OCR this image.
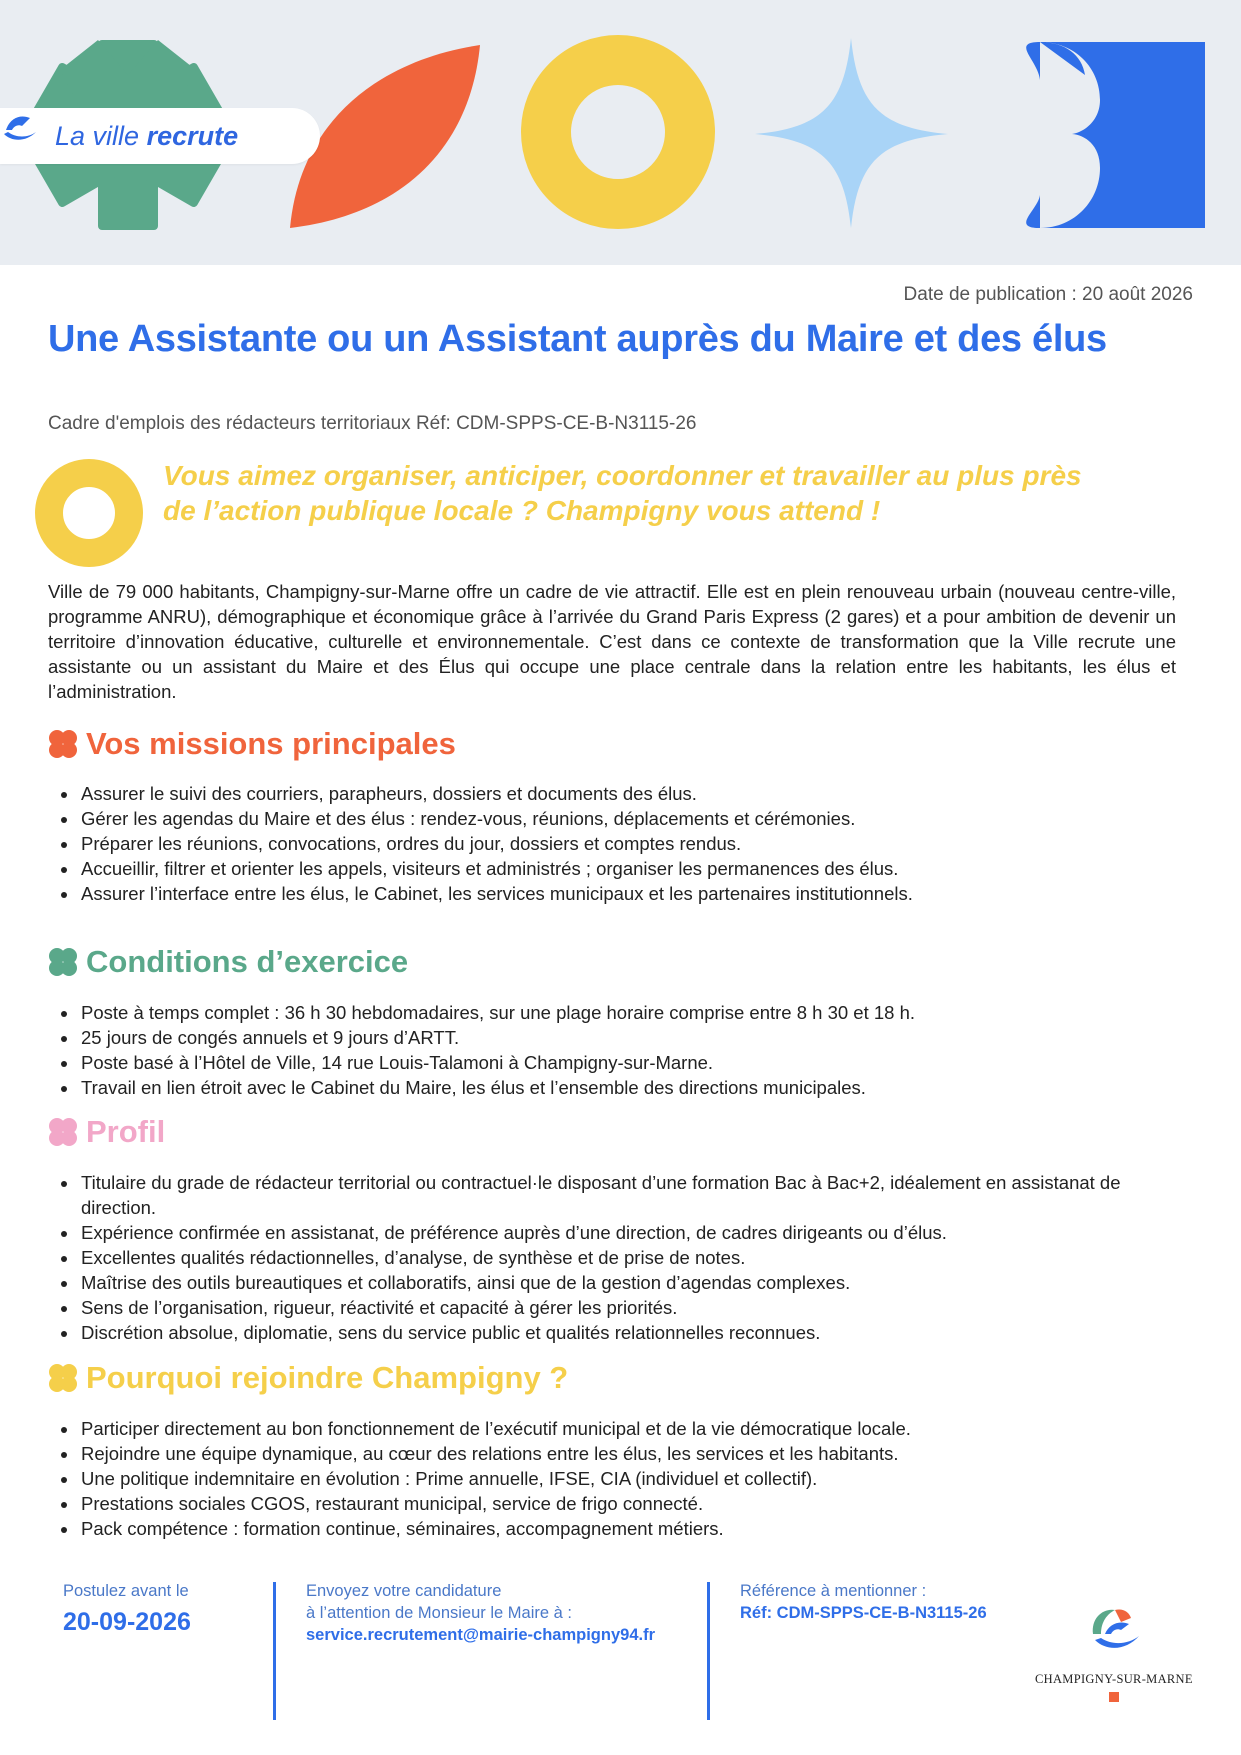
La ville recrute
Date de publication : 20 août 2026
Une Assistante ou un Assistant auprès du Maire et des élus
Cadre d'emplois des rédacteurs territoriaux Réf: CDM-SPPS-CE-B-N3115-26
Vous aimez organiser, anticiper, coordonner et travailler au plus près
de l’action publique locale ? Champigny vous attend !
Ville de 79 000 habitants, Champigny-sur-Marne offre un cadre de vie attractif. Elle est en plein renouveau urbain (nouveau centre-ville, programme ANRU), démographique et économique grâce à l’arrivée du Grand Paris Express (2 gares) et a pour ambition de devenir un territoire d’innovation éducative, culturelle et environnementale. C’est dans ce contexte de transformation que la Ville recrute une assistante ou un assistant du Maire et des Élus qui occupe une place centrale dans la relation entre les habitants, les élus et l’administration.
Vos missions principales
• Assurer le suivi des courriers, parapheurs, dossiers et documents des élus.
• Gérer les agendas du Maire et des élus : rendez-vous, réunions, déplacements et cérémonies.
• Préparer les réunions, convocations, ordres du jour, dossiers et comptes rendus.
• Accueillir, filtrer et orienter les appels, visiteurs et administrés ; organiser les permanences des élus.
• Assurer l’interface entre les élus, le Cabinet, les services municipaux et les partenaires institutionnels.
Conditions d’exercice
• Poste à temps complet : 36 h 30 hebdomadaires, sur une plage horaire comprise entre 8 h 30 et 18 h.
• 25 jours de congés annuels et 9 jours d’ARTT.
• Poste basé à l’Hôtel de Ville, 14 rue Louis-Talamoni à Champigny-sur-Marne.
• Travail en lien étroit avec le Cabinet du Maire, les élus et l’ensemble des directions municipales.
Profil
• Titulaire du grade de rédacteur territorial ou contractuel·le disposant d’une formation Bac à Bac+2, idéalement en assistanat de direction.
• Expérience confirmée en assistanat, de préférence auprès d’une direction, de cadres dirigeants ou d’élus.
• Excellentes qualités rédactionnelles, d’analyse, de synthèse et de prise de notes.
• Maîtrise des outils bureautiques et collaboratifs, ainsi que de la gestion d’agendas complexes.
• Sens de l’organisation, rigueur, réactivité et capacité à gérer les priorités.
• Discrétion absolue, diplomatie, sens du service public et qualités relationnelles reconnues.
Pourquoi rejoindre Champigny ?
• Participer directement au bon fonctionnement de l’exécutif municipal et de la vie démocratique locale.
• Rejoindre une équipe dynamique, au cœur des relations entre les élus, les services et les habitants.
• Une politique indemnitaire en évolution : Prime annuelle, IFSE, CIA (individuel et collectif).
• Prestations sociales CGOS, restaurant municipal, service de frigo connecté.
• Pack compétence : formation continue, séminaires, accompagnement métiers.
Postulez avant le
20-09-2026
Envoyez votre candidature
à l’attention de Monsieur le Maire à :
service.recrutement@mairie-champigny94.fr
Référence à mentionner :
Réf: CDM-SPPS-CE-B-N3115-26
CHAMPIGNY-SUR-MARNE
